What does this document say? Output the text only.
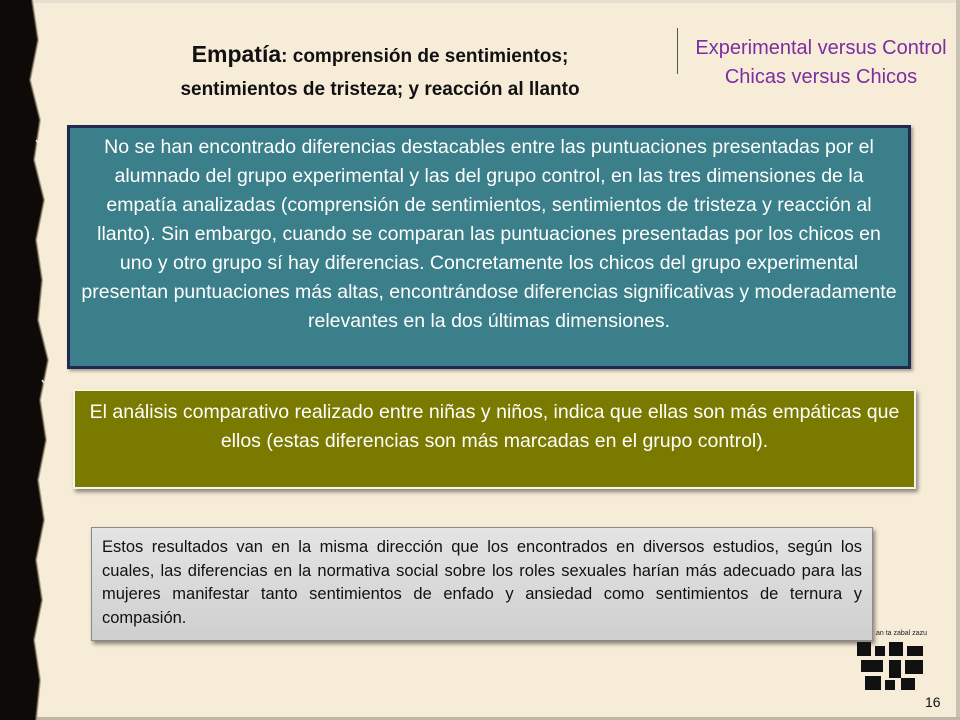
Empatía: comprensión de sentimientos;
sentimientos de tristeza; y reacción al llanto
Experimental versus Control Chicas versus Chicos
No se han encontrado diferencias destacables entre las puntuaciones presentadas por el alumnado del grupo experimental y las del grupo control, en las tres dimensiones de la empatía analizadas (comprensión de sentimientos, sentimientos de tristeza y reacción al llanto). Sin embargo, cuando se comparan las puntuaciones presentadas por los chicos en uno y otro grupo sí hay diferencias. Concretamente los chicos del grupo experimental presentan puntuaciones más altas, encontrándose diferencias significativas y moderadamente relevantes en la dos últimas dimensiones.
El análisis comparativo realizado entre niñas y niños, indica que ellas son más empáticas que ellos (estas diferencias son más marcadas en el grupo control).
Estos resultados van en la misma dirección que los encontrados en diversos estudios, según los cuales, las diferencias en la normativa social sobre los roles sexuales harían más adecuado para las mujeres manifestar tanto sentimientos de enfado y ansiedad como sentimientos de ternura y compasión.
an ta zabal zazu
16
